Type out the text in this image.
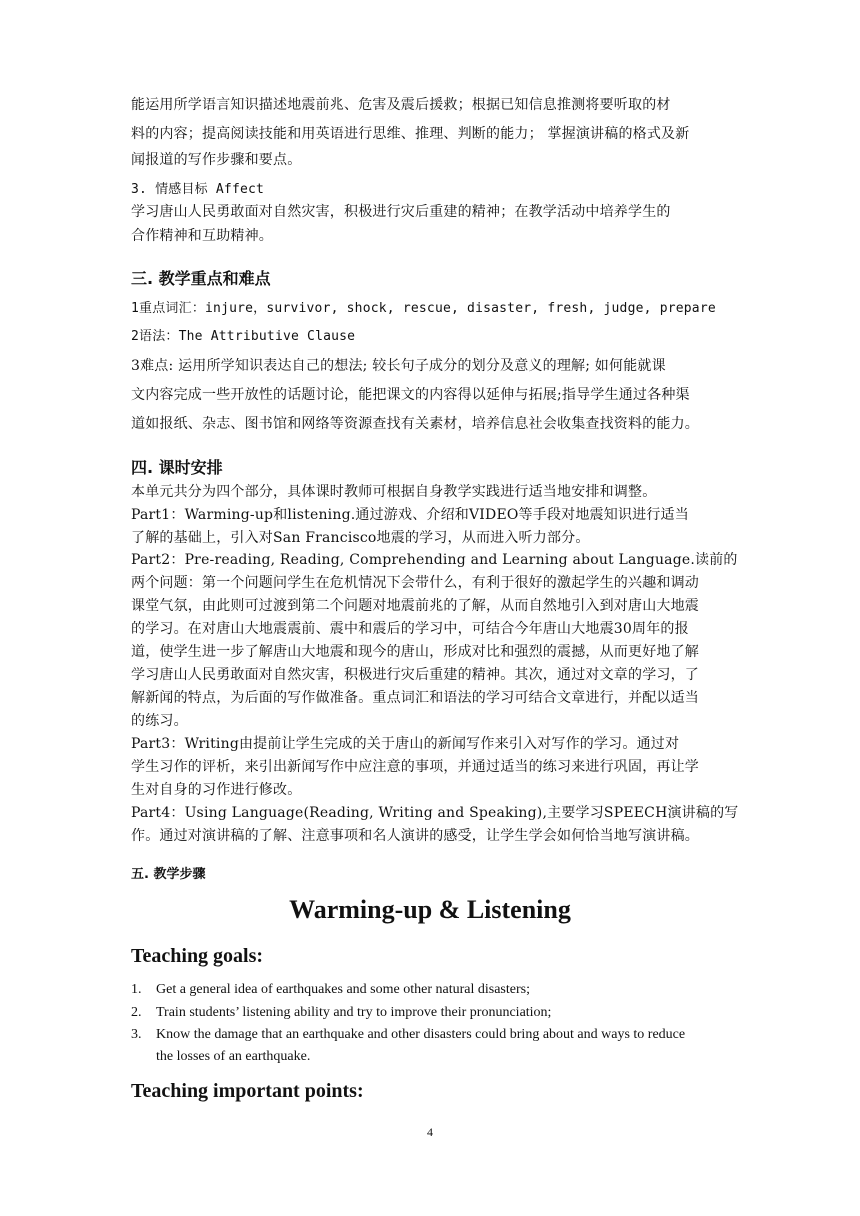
能运用所学语言知识描述地震前兆、危害及震后援救；根据已知信息推测将要听取的材
料的内容；提高阅读技能和用英语进行思维、推理、判断的能力； 掌握演讲稿的格式及新
闻报道的写作步骤和要点。
3. 情感目标 Affect
学习唐山人民勇敢面对自然灾害，积极进行灾后重建的精神；在教学活动中培养学生的
合作精神和互助精神。
三. 教学重点和难点
1重点词汇：injure，survivor, shock, rescue, disaster, fresh, judge, prepare
2语法：The Attributive Clause
3难点: 运用所学知识表达自己的想法; 较长句子成分的划分及意义的理解; 如何能就课
文内容完成一些开放性的话题讨论，能把课文的内容得以延伸与拓展;指导学生通过各种渠
道如报纸、杂志、图书馆和网络等资源查找有关素材，培养信息社会收集查找资料的能力。
四. 课时安排
本单元共分为四个部分，具体课时教师可根据自身教学实践进行适当地安排和调整。
Part1：Warming-up和listening.通过游戏、介绍和VIDEO等手段对地震知识进行适当
了解的基础上，引入对San Francisco地震的学习，从而进入听力部分。
Part2：Pre-reading, Reading, Comprehending and Learning about Language.读前的
两个问题：第一个问题问学生在危机情况下会带什么，有利于很好的激起学生的兴趣和调动
课堂气氛，由此则可过渡到第二个问题对地震前兆的了解，从而自然地引入到对唐山大地震
的学习。在对唐山大地震震前、震中和震后的学习中，可结合今年唐山大地震30周年的报
道，使学生进一步了解唐山大地震和现今的唐山，形成对比和强烈的震撼，从而更好地了解
学习唐山人民勇敢面对自然灾害，积极进行灾后重建的精神。其次，通过对文章的学习，了
解新闻的特点，为后面的写作做准备。重点词汇和语法的学习可结合文章进行，并配以适当
的练习。
Part3：Writing由提前让学生完成的关于唐山的新闻写作来引入对写作的学习。通过对
学生习作的评析，来引出新闻写作中应注意的事项，并通过适当的练习来进行巩固，再让学
生对自身的习作进行修改。
Part4：Using Language(Reading, Writing and Speaking),主要学习SPEECH演讲稿的写
作。通过对演讲稿的了解、注意事项和名人演讲的感受，让学生学会如何恰当地写演讲稿。
五. 教学步骤
Warming-up & Listening
Teaching goals:
1. Get a general idea of earthquakes and some other natural disasters;
2. Train students’ listening ability and try to improve their pronunciation;
3. Know the damage that an earthquake and other disasters could bring about and ways to reduce
the losses of an earthquake.
Teaching important points:
4
